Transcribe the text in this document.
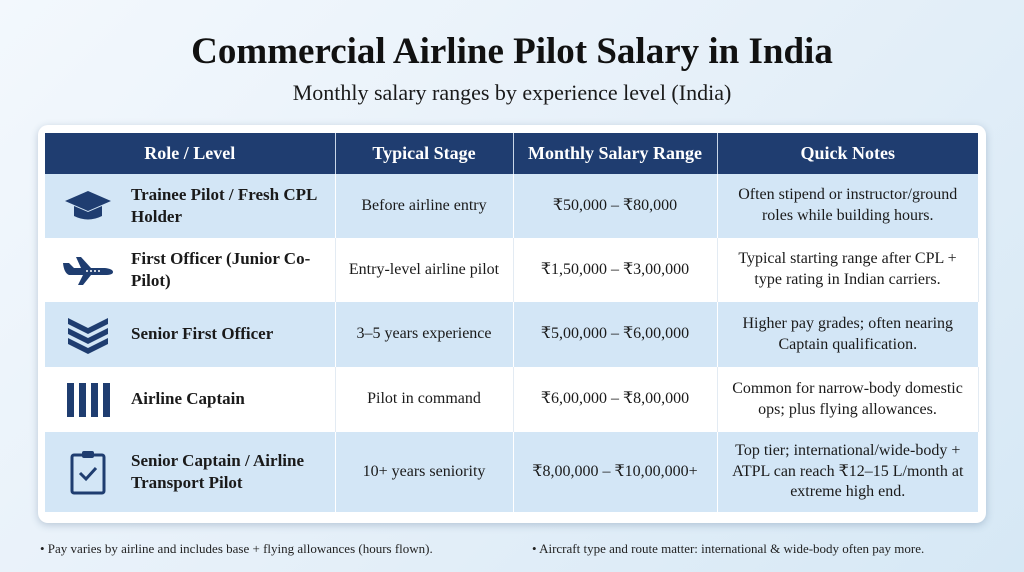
Commercial Airline Pilot Salary in India
Monthly salary ranges by experience level (India)
Role / Level	Typical Stage	Monthly Salary Range	Quick Notes

Trainee Pilot / Fresh CPL Holder	Before airline entry	₹50,000 – ₹80,000	Often stipend or instructor/ground roles while building hours.

First Officer (Junior Co-Pilot)	Entry-level airline pilot	₹1,50,000 – ₹3,00,000	Typical starting range after CPL + type rating in Indian carriers.

Senior First Officer	3–5 years experience	₹5,00,000 – ₹6,00,000	Higher pay grades; often nearing Captain qualification.

Airline Captain	Pilot in command	₹6,00,000 – ₹8,00,000	Common for narrow-body domestic ops; plus flying allowances.

Senior Captain / Airline Transport Pilot	10+ years seniority	₹8,00,000 – ₹10,00,000+	Top tier; international/wide-body + ATPL can reach ₹12–15 L/month at extreme high end.
• Pay varies by airline and includes base + flying allowances (hours flown).	• Aircraft type and route matter: international & wide-body often pay more.
